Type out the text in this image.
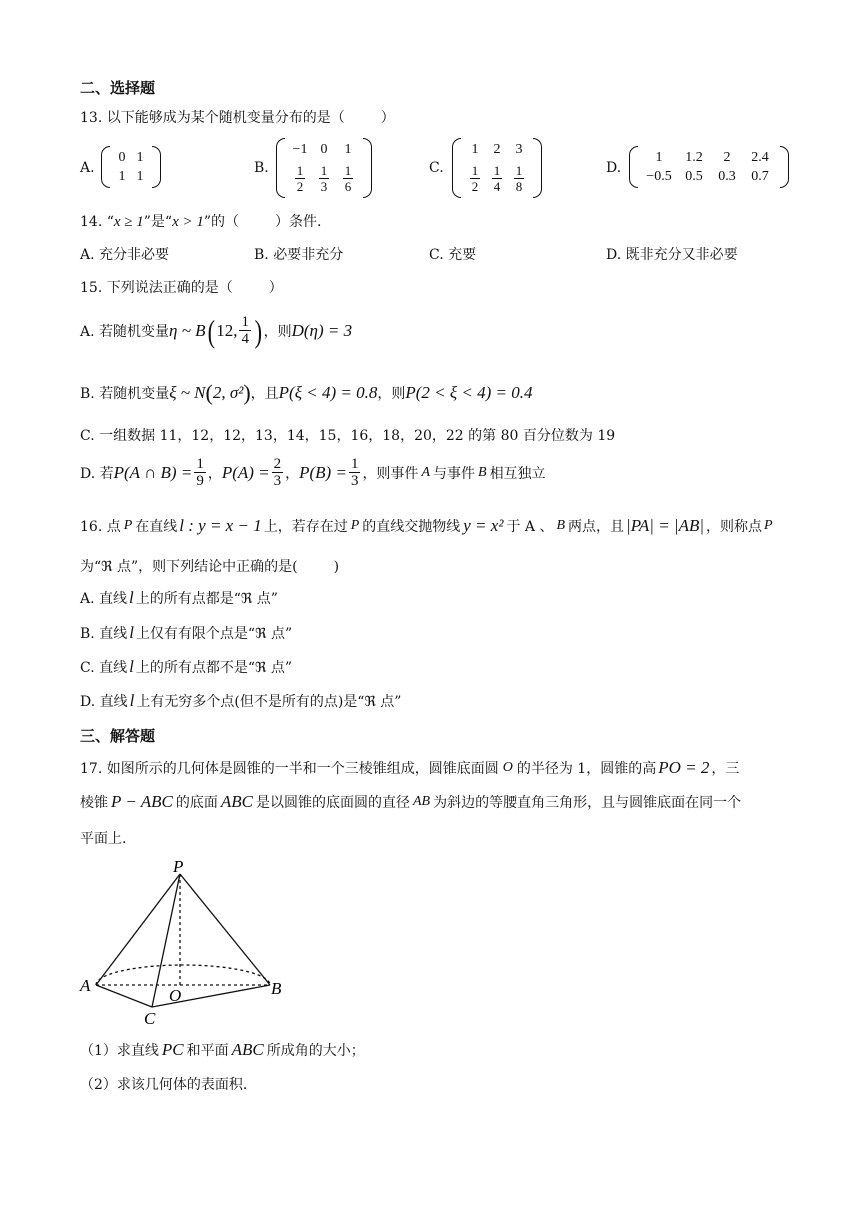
二、选择题
13. 以下能够成为某个随机变量分布的是（	）
A.
0 1
1 1	B.
−1 0 1
$\frac{1}{2} \frac{1}{3} \frac{1}{6}$	C.
1 2 3
$\frac{1}{2} \frac{1}{4} \frac{1}{8}$	D.
1 1.2 2 2.4
−0.5 0.5 0.3 0.7
14. “x ≥ 1”是“x > 1”的（	）条件.
A. 充分非必要	B. 必要非充分	C. 充要	D. 既非充分又非必要
15. 下列说法正确的是（	）
A. 若随机变量 η ~ B ( 12, $\frac{1}{4}$ ) ，则 D(η) = 3
B. 若随机变量 ξ ~ N ( 2, σ² ) ，且 P(ξ < 4) = 0.8 ，则 P(2 < ξ < 4) = 0.4
C. 一组数据 11，12，12，13，14，15，16，18，20，22 的第 80 百分位数为 19
D. 若 P(A ∩ $B) = \frac{1}{9}$ ， $P(A) = \frac{2}{3}$ ， $P(B) = \frac{1}{3}$ ，则事件 A 与事件 B 相互独立
16. 点 P 在直线 l : y = x − 1 上，若存在过 P 的直线交抛物线 y = x² 于 A 、 B 两点，且 |PA| = |AB| ，则称点 P
为“ℜ 点”，则下列结论中正确的是(	)
A. 直线 l 上的所有点都是“ℜ 点”
B. 直线 l 上仅有有限个点是“ℜ 点”
C. 直线 l 上的所有点都不是“ℜ 点”
D. 直线 l 上有无穷多个点(但不是所有的点)是“ℜ 点”
三、解答题
17. 如图所示的几何体是圆锥的一半和一个三棱锥组成，圆锥底面圆 O 的半径为 1，圆锥的高 PO = 2 ，三
棱锥 P − ABC 的底面 ABC 是以圆锥的底面圆的直径 AB 为斜边的等腰直角三角形，且与圆锥底面在同一个
平面上.
P
A	B
O
C
（1）求直线 PC 和平面 ABC 所成角的大小；
（2）求该几何体的表面积.
